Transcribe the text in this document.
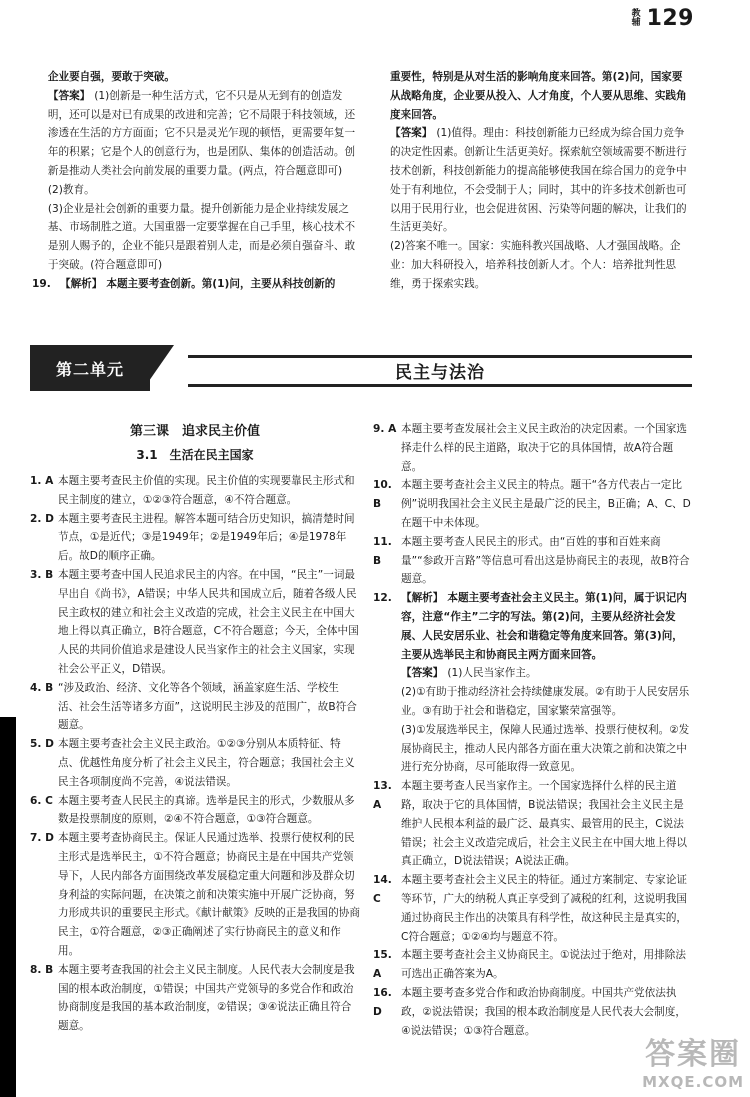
教辅 129

企业要自强，要敢于突破。

【答案】 (1)创新是一种生活方式，它不只是从无到有的创造发明，还可以是对已有成果的改进和完善；它不局限于科技领域，还渗透在生活的方方面面；它不只是灵光乍现的顿悟，更需要年复一年的积累；它是个人的创意行为，也是团队、集体的创造活动。创新是推动人类社会向前发展的重要力量。(两点，符合题意即可)

(2)教育。

(3)企业是社会创新的重要力量。提升创新能力是企业持续发展之基、市场制胜之道。大国重器一定要掌握在自己手里，核心技术不是别人赐予的，企业不能只是跟着别人走，而是必须自强奋斗、敢于突破。(符合题意即可)

19. 【解析】 本题主要考查创新。第(1)问，主要从科技创新的

重要性，特别是从对生活的影响角度来回答。第(2)问，国家要从战略角度，企业要从投入、人才角度，个人要从思维、实践角度来回答。

【答案】 (1)值得。理由：科技创新能力已经成为综合国力竞争的决定性因素。创新让生活更美好。探索航空领域需要不断进行技术创新，科技创新能力的提高能够使我国在综合国力的竞争中处于有利地位，不会受制于人；同时，其中的许多技术创新也可以用于民用行业，也会促进贫困、污染等问题的解决，让我们的生活更美好。

(2)答案不唯一。国家：实施科教兴国战略、人才强国战略。企业：加大科研投入，培养科技创新人才。个人：培养批判性思维，勇于探索实践。

第二单元	民主与法治
第三课　追求民主价值
3.1　生活在民主国家
1. A 本题主要考查民主价值的实现。民主价值的实现要靠民主形式和民主制度的建立，①②③符合题意，④不符合题意。
2. D 本题主要考查民主进程。解答本题可结合历史知识，搞清楚时间节点，①是近代；③是1949年；②是1949年后；④是1978年后。故D的顺序正确。
3. B 本题主要考查中国人民追求民主的内容。在中国，“民主”一词最早出自《尚书》，A错误；中华人民共和国成立后，随着各级人民民主政权的建立和社会主义改造的完成，社会主义民主在中国大地上得以真正确立，B符合题意，C不符合题意；今天，全体中国人民的共同价值追求是建设人民当家作主的社会主义国家，实现社会公平正义，D错误。
4. B “涉及政治、经济、文化等各个领域，涵盖家庭生活、学校生活、社会生活等诸多方面”，这说明民主涉及的范围广，故B符合题意。
5. D 本题主要考查社会主义民主政治。①②③分别从本质特征、特点、优越性角度分析了社会主义民主，符合题意；我国社会主义民主各项制度尚不完善，④说法错误。
6. C 本题主要考查人民民主的真谛。选举是民主的形式，少数服从多数是投票制度的原则，②④不符合题意，①③符合题意。
7. D 本题主要考查协商民主。保证人民通过选举、投票行使权利的民主形式是选举民主，①不符合题意；协商民主是在中国共产党领导下，人民内部各方面围绕改革发展稳定重大问题和涉及群众切身利益的实际问题，在决策之前和决策实施中开展广泛协商，努力形成共识的重要民主形式。《献计献策》反映的正是我国的协商民主，①符合题意，②③正确阐述了实行协商民主的意义和作用。
8. B 本题主要考查我国的社会主义民主制度。人民代表大会制度是我国的根本政治制度，①错误；中国共产党领导的多党合作和政治协商制度是我国的基本政治制度，②错误；③④说法正确且符合题意。
9. A 本题主要考查发展社会主义民主政治的决定因素。一个国家选择走什么样的民主道路，取决于它的具体国情，故A符合题意。
10. B
本题主要考查社会主义民主的特点。题干“各方代表占一定比例”说明我国社会主义民主是最广泛的民主，B正确；A、C、D在题干中未体现。
11. B
本题主要考查人民民主的形式。由“百姓的事和百姓来商量”“参政开言路”等信息可看出这是协商民主的表现，故B符合题意。
12. 【解析】 本题主要考查社会主义民主。第(1)问，属于识记内容，注意“作主”二字的写法。第(2)问，主要从经济社会发展、人民安居乐业、社会和谐稳定等角度来回答。第(3)问，主要从选举民主和协商民主两方面来回答。

【答案】 (1)人民当家作主。

(2)①有助于推动经济社会持续健康发展。②有助于人民安居乐业。③有助于社会和谐稳定，国家繁荣富强等。

(3)①发展选举民主，保障人民通过选举、投票行使权利。②发展协商民主，推动人民内部各方面在重大决策之前和决策之中进行充分协商，尽可能取得一致意见。

13. A
本题主要考查人民当家作主。一个国家选择什么样的民主道路，取决于它的具体国情，B说法错误；我国社会主义民主是维护人民根本利益的最广泛、最真实、最管用的民主，C说法错误；社会主义改造完成后，社会主义民主在中国大地上得以真正确立，D说法错误；A说法正确。
14. C
本题主要考查社会主义民主的特征。通过方案制定、专家论证等环节，广大的纳税人真正享受到了减税的红利，这说明我国通过协商民主作出的决策具有科学性，故这种民主是真实的，C符合题意；①②④均与题意不符。
15. A
本题主要考查社会主义协商民主。①说法过于绝对，用排除法可选出正确答案为A。
16. D
本题主要考查多党合作和政治协商制度。中国共产党依法执政，②说法错误；我国的根本政治制度是人民代表大会制度，④说法错误；①③符合题意。
答案圈
MXQE.COM
